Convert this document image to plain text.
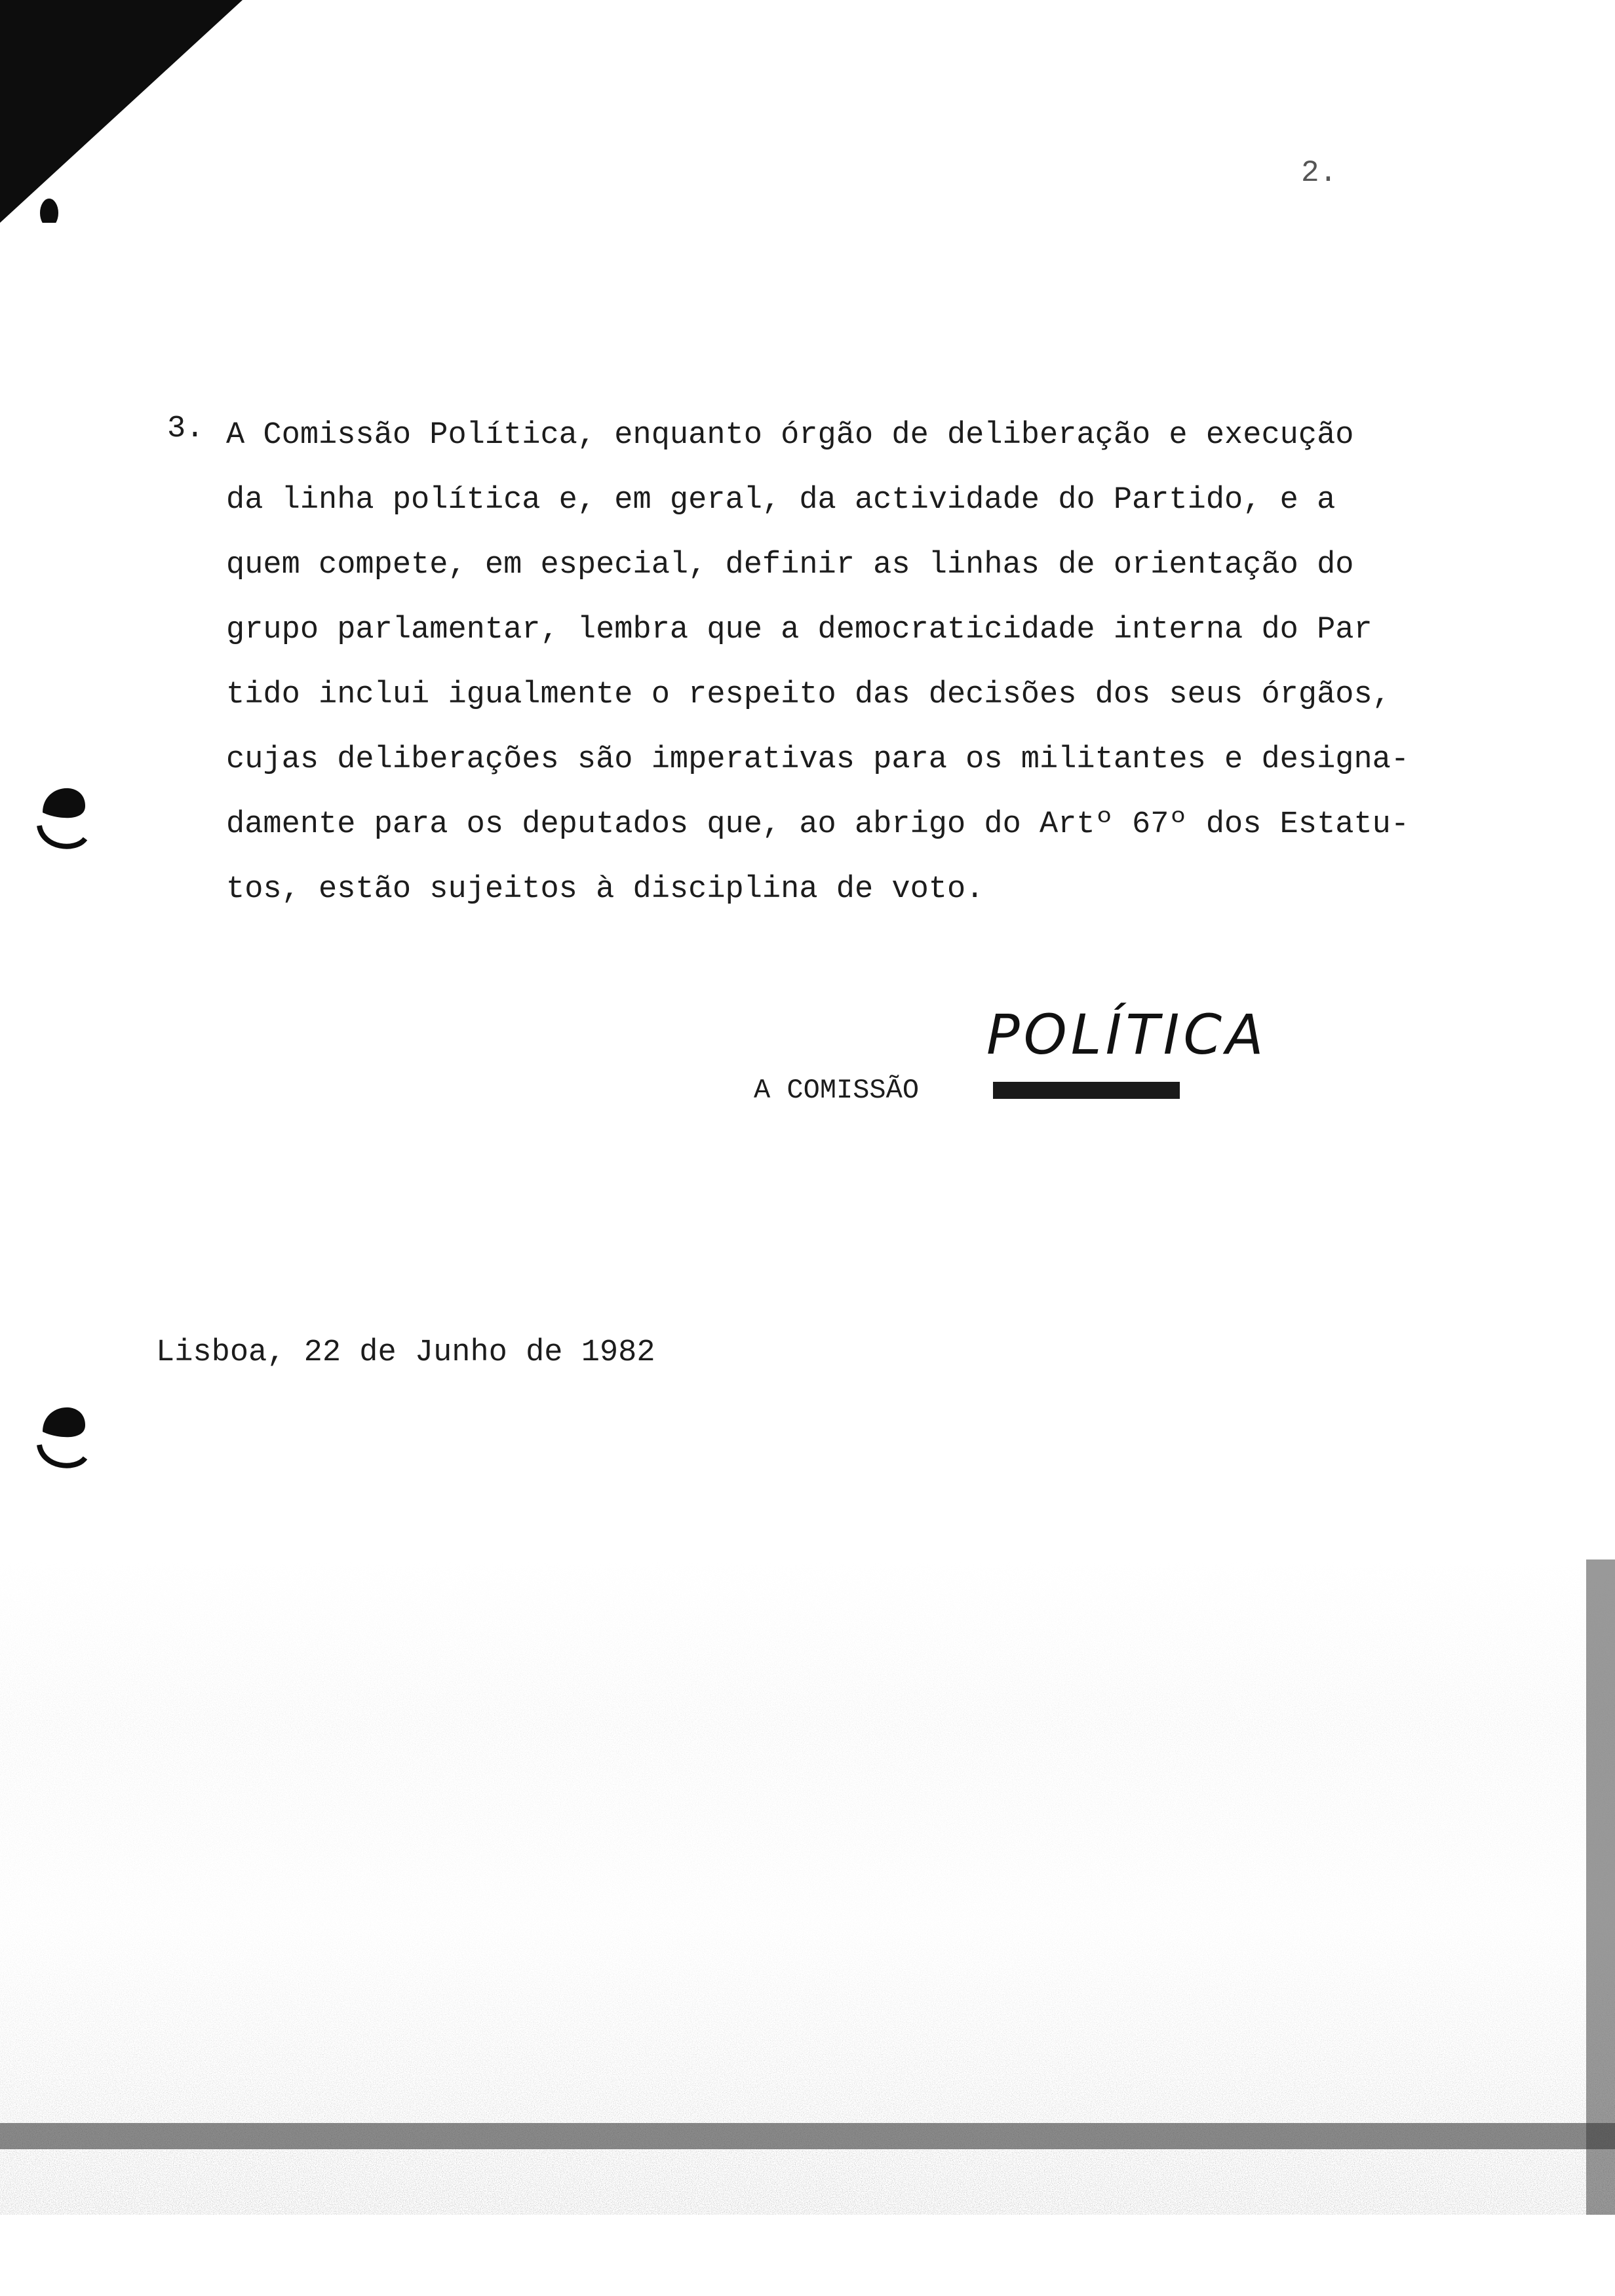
2.
3. A Comissão Política, enquanto órgão de deliberação e execução
da linha política e, em geral, da actividade do Partido, e a
quem compete, em especial, definir as linhas de orientação do
grupo parlamentar, lembra que a democraticidade interna do Par
tido inclui igualmente o respeito das decisões dos seus órgãos,
cujas deliberações são imperativas para os militantes e designa-
damente para os deputados que, ao abrigo do Artº 67º dos Estatu-
tos, estão sujeitos à disciplina de voto.
POLÍTICA
A COMISSÃO
Lisboa, 22 de Junho de 1982
